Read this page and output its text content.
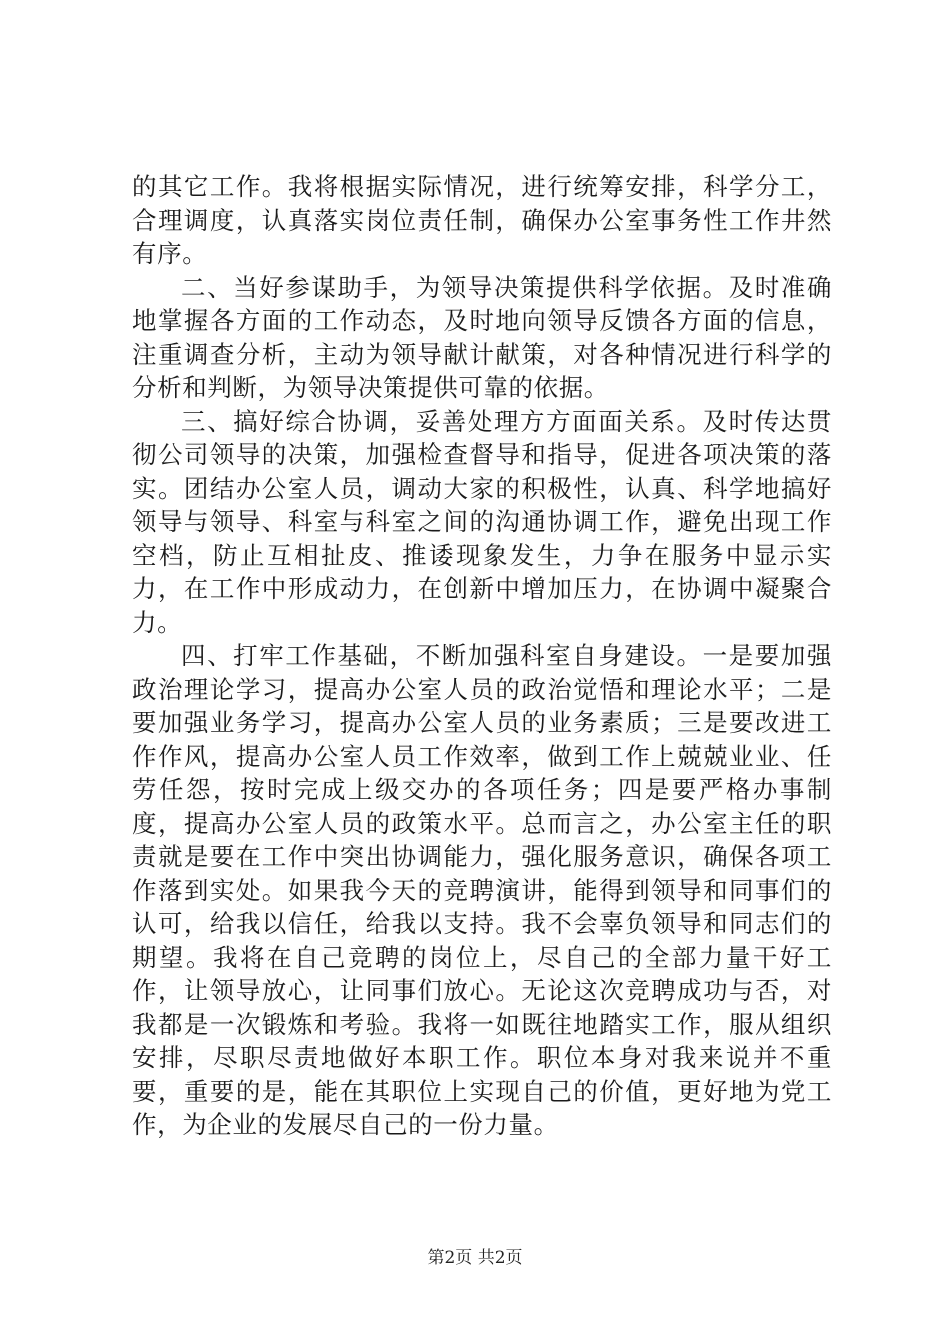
的其它工作。我将根据实际情况，进行统筹安排，科学分工，合理调度，认真落实岗位责任制，确保办公室事务性工作井然有序。

二、当好参谋助手，为领导决策提供科学依据。及时准确地掌握各方面的工作动态，及时地向领导反馈各方面的信息，注重调查分析，主动为领导献计献策，对各种情况进行科学的分析和判断，为领导决策提供可靠的依据。

三、搞好综合协调，妥善处理方方面面关系。及时传达贯彻公司领导的决策，加强检查督导和指导，促进各项决策的落实。团结办公室人员，调动大家的积极性，认真、科学地搞好领导与领导、科室与科室之间的沟通协调工作，避免出现工作空档，防止互相扯皮、推诿现象发生，力争在服务中显示实力，在工作中形成动力，在创新中增加压力，在协调中凝聚合力。

四、打牢工作基础，不断加强科室自身建设。一是要加强政治理论学习，提高办公室人员的政治觉悟和理论水平；二是要加强业务学习，提高办公室人员的业务素质；三是要改进工作作风，提高办公室人员工作效率，做到工作上兢兢业业、任劳任怨，按时完成上级交办的各项任务；四是要严格办事制度，提高办公室人员的政策水平。总而言之，办公室主任的职责就是要在工作中突出协调能力，强化服务意识，确保各项工作落到实处。如果我今天的竞聘演讲，能得到领导和同事们的认可，给我以信任，给我以支持。我不会辜负领导和同志们的期望。我将在自己竞聘的岗位上，尽自己的全部力量干好工作，让领导放心，让同事们放心。无论这次竞聘成功与否，对我都是一次锻炼和考验。我将一如既往地踏实工作，服从组织安排，尽职尽责地做好本职工作。职位本身对我来说并不重要，重要的是，能在其职位上实现自己的价值，更好地为党工作，为企业的发展尽自己的一份力量。

第2页 共2页
